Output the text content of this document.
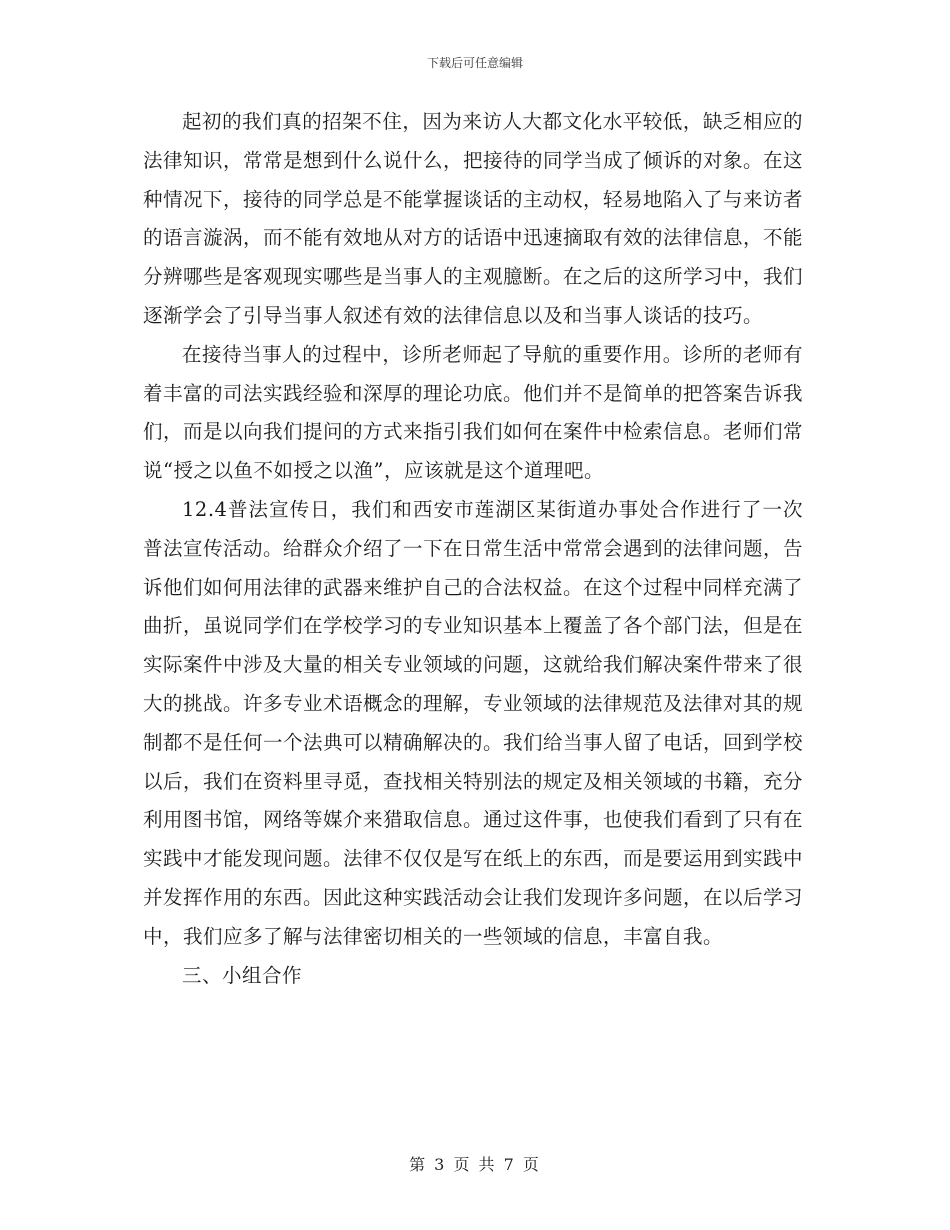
下载后可任意编辑

起初的我们真的招架不住，因为来访人大都文化水平较低，缺乏相应的法律知识，常常是想到什么说什么，把接待的同学当成了倾诉的对象。在这种情况下，接待的同学总是不能掌握谈话的主动权，轻易地陷入了与来访者的语言漩涡，而不能有效地从对方的话语中迅速摘取有效的法律信息，不能分辨哪些是客观现实哪些是当事人的主观臆断。在之后的这所学习中，我们逐渐学会了引导当事人叙述有效的法律信息以及和当事人谈话的技巧。

在接待当事人的过程中，诊所老师起了导航的重要作用。诊所的老师有着丰富的司法实践经验和深厚的理论功底。他们并不是简单的把答案告诉我们，而是以向我们提问的方式来指引我们如何在案件中检索信息。老师们常说“授之以鱼不如授之以渔”，应该就是这个道理吧。

12.4普法宣传日，我们和西安市莲湖区某街道办事处合作进行了一次普法宣传活动。给群众介绍了一下在日常生活中常常会遇到的法律问题，告诉他们如何用法律的武器来维护自己的合法权益。在这个过程中同样充满了曲折，虽说同学们在学校学习的专业知识基本上覆盖了各个部门法，但是在实际案件中涉及大量的相关专业领域的问题，这就给我们解决案件带来了很大的挑战。许多专业术语概念的理解，专业领域的法律规范及法律对其的规制都不是任何一个法典可以精确解决的。我们给当事人留了电话，回到学校以后，我们在资料里寻觅，查找相关特别法的规定及相关领域的书籍，充分利用图书馆，网络等媒介来猎取信息。通过这件事，也使我们看到了只有在实践中才能发现问题。法律不仅仅是写在纸上的东西，而是要运用到实践中并发挥作用的东西。因此这种实践活动会让我们发现许多问题，在以后学习中，我们应多了解与法律密切相关的一些领域的信息，丰富自我。

三、小组合作

第 3 页 共 7 页
